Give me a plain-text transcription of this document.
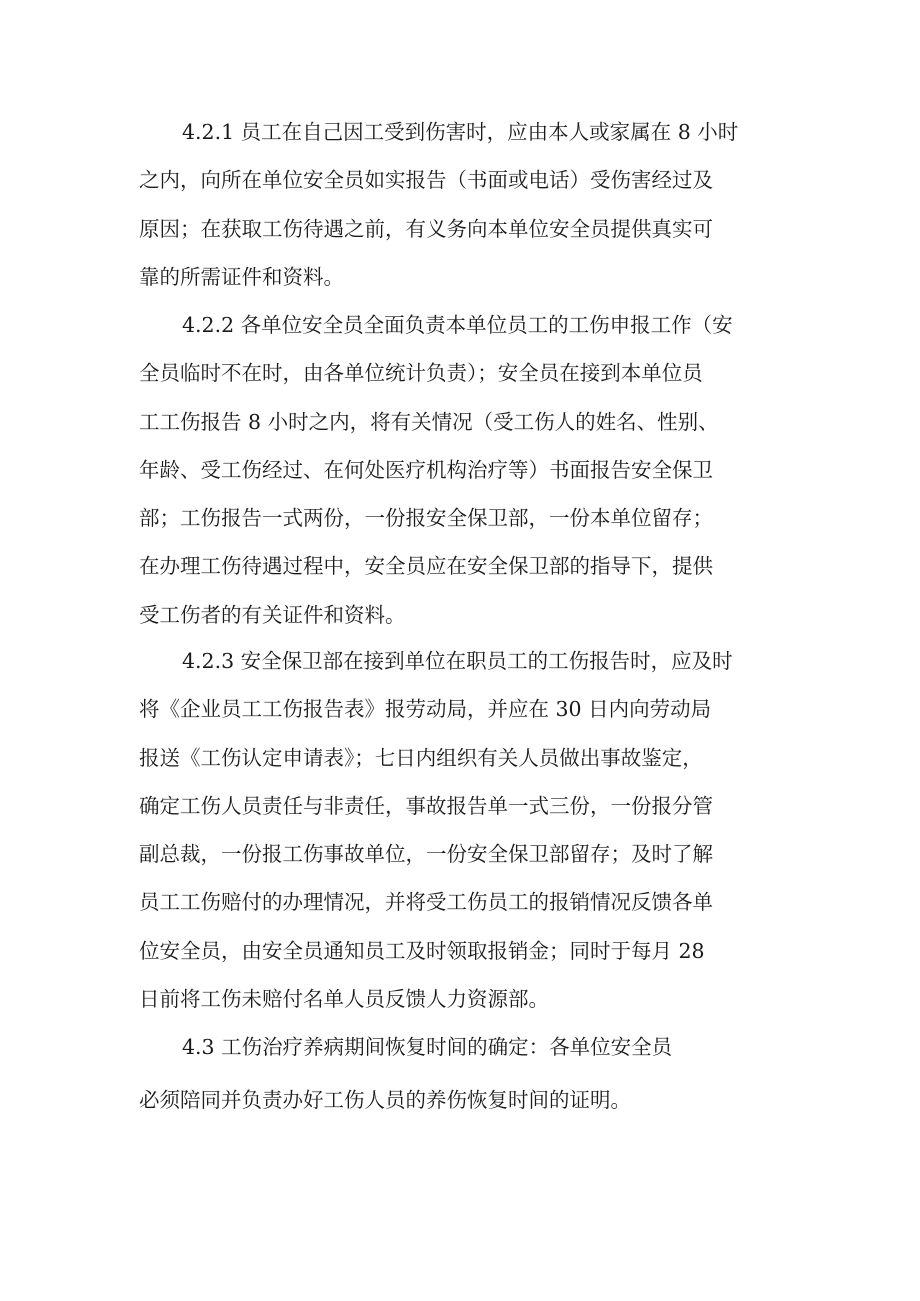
4.2.1 员工在自己因工受到伤害时，应由本人或家属在 8 小时
之内，向所在单位安全员如实报告（书面或电话）受伤害经过及
原因；在获取工伤待遇之前，有义务向本单位安全员提供真实可
靠的所需证件和资料。
4.2.2 各单位安全员全面负责本单位员工的工伤申报工作（安
全员临时不在时，由各单位统计负责）；安全员在接到本单位员
工工伤报告 8 小时之内，将有关情况（受工伤人的姓名、性别、
年龄、受工伤经过、在何处医疗机构治疗等）书面报告安全保卫
部；工伤报告一式两份，一份报安全保卫部，一份本单位留存；
在办理工伤待遇过程中，安全员应在安全保卫部的指导下，提供
受工伤者的有关证件和资料。
4.2.3 安全保卫部在接到单位在职员工的工伤报告时，应及时
将《企业员工工伤报告表》报劳动局，并应在 30 日内向劳动局
报送《工伤认定申请表》；七日内组织有关人员做出事故鉴定，
确定工伤人员责任与非责任，事故报告单一式三份，一份报分管
副总裁，一份报工伤事故单位，一份安全保卫部留存；及时了解
员工工伤赔付的办理情况，并将受工伤员工的报销情况反馈各单
位安全员，由安全员通知员工及时领取报销金；同时于每月 28
日前将工伤未赔付名单人员反馈人力资源部。
4.3 工伤治疗养病期间恢复时间的确定：各单位安全员
必须陪同并负责办好工伤人员的养伤恢复时间的证明。
